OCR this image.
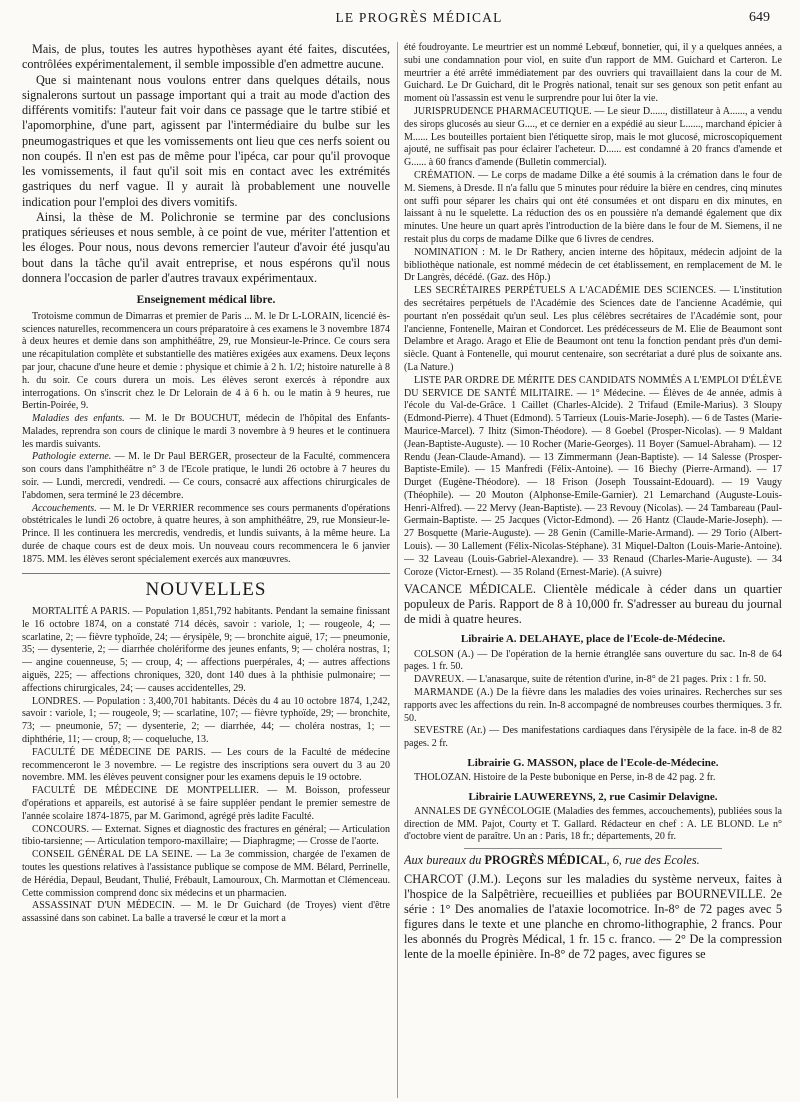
LE PROGRÈS MÉDICAL	649

Mais, de plus, toutes les autres hypothèses ayant été faites, discutées, contrôlées expérimentalement, il semble impossible d'en admettre aucune.

Que si maintenant nous voulons entrer dans quelques détails, nous signalerons surtout un passage important qui a trait au mode d'action des différents vomitifs: l'auteur fait voir dans ce passage que le tartre stibié et l'apomorphine, d'une part, agissent par l'intermédiaire du bulbe sur les pneumogastriques et que les vomissements ont lieu que ces nerfs soient ou non coupés. Il n'en est pas de même pour l'ipéca, car pour qu'il provoque les vomissements, il faut qu'il soit mis en contact avec les extrémités gastriques du nerf vague. Il y aurait là probablement une nouvelle indication pour l'emploi des divers vomitifs.

Ainsi, la thèse de M. Polichronie se termine par des conclusions pratiques sérieuses et nous semble, à ce point de vue, mériter l'attention et les éloges. Pour nous, nous devons remercier l'auteur d'avoir été jusqu'au bout dans la tâche qu'il avait entreprise, et nous espérons qu'il nous donnera l'occasion de parler d'autres travaux expérimentaux.

Enseignement médical libre.

Trotoisme commun de Dimarras et premier de Paris ... M. le Dr L-LORAIN, licencié ès-sciences naturelles, recommencera un cours préparatoire à ces examens le 3 novembre 1874 à deux heures et demie dans son amphithéâtre, 29, rue Monsieur-le-Prince. Ce cours sera une récapitulation complète et substantielle des matières exigées aux examens. Deux leçons par jour, chacune d'une heure et demie : physique et chimie à 2 h. 1/2; histoire naturelle à 8 h. du soir. Ce cours durera un mois. Les élèves seront exercés à répondre aux interrogations. On s'inscrit chez le Dr Lelorain de 4 à 6 h. ou le matin à 9 heures, rue Bertin-Poirée, 9.

Maladies des enfants. — M. le Dr BOUCHUT, médecin de l'hôpital des Enfants-Malades, reprendra son cours de clinique le mardi 3 novembre à 9 heures et le continuera les mardis suivants.

Pathologie externe. — M. le Dr Paul BERGER, prosecteur de la Faculté, commencera son cours dans l'amphithéâtre n° 3 de l'Ecole pratique, le lundi 26 octobre à 7 heures du soir. — Lundi, mercredi, vendredi. — Ce cours, consacré aux affections chirurgicales de l'abdomen, sera terminé le 23 décembre.

Accouchements. — M. le Dr VERRIER recommence ses cours permanents d'opérations obstétricales le lundi 26 octobre, à quatre heures, à son amphithéâtre, 29, rue Monsieur-le-Prince. Il les continuera les mercredis, vendredis, et lundis suivants, à la même heure. La durée de chaque cours est de deux mois. Un nouveau cours recommencera le 6 janvier 1875. MM. les élèves seront spécialement exercés aux manœuvres.

NOUVELLES

MORTALITÉ A PARIS. — Population 1,851,792 habitants. Pendant la semaine finissant le 16 octobre 1874, on a constaté 714 décès, savoir : variole, 1; — rougeole, 4; — scarlatine, 2; — fièvre typhoïde, 24; — érysipèle, 9; — bronchite aiguë, 17; — pneumonie, 35; — dysenterie, 2; — diarrhée cholériforme des jeunes enfants, 9; — choléra nostras, 1; — angine couenneuse, 5; — croup, 4; — affections puerpérales, 4; — autres affections aiguës, 225; — affections chroniques, 320, dont 140 dues à la phthisie pulmonaire; — affections chirurgicales, 24; — causes accidentelles, 29.

LONDRES. — Population : 3,400,701 habitants. Décès du 4 au 10 octobre 1874, 1,242, savoir : variole, 1; — rougeole, 9; — scarlatine, 107; — fièvre typhoïde, 29; — bronchite, 73; — pneumonie, 57; — dysenterie, 2; — diarrhée, 44; — choléra nostras, 1; — diphthérie, 11; — croup, 8; — coqueluche, 13.

FACULTÉ DE MÉDECINE DE PARIS. — Les cours de la Faculté de médecine recommenceront le 3 novembre. — Le registre des inscriptions sera ouvert du 3 au 20 novembre. MM. les élèves peuvent consigner pour les examens depuis le 19 octobre.

FACULTÉ DE MÉDECINE DE MONTPELLIER. — M. Boisson, professeur d'opérations et appareils, est autorisé à se faire suppléer pendant le premier semestre de l'année scolaire 1874-1875, par M. Garimond, agrégé près ladite Faculté.

CONCOURS. — Externat. Signes et diagnostic des fractures en général; — Articulation tibio-tarsienne; — Articulation temporo-maxillaire; — Diaphragme; — Crosse de l'aorte.

CONSEIL GÉNÉRAL DE LA SEINE. — La 3e commission, chargée de l'examen de toutes les questions relatives à l'assistance publique se compose de MM. Bélard, Perrinelle, de Hérédia, Depaul, Beudant, Thulié, Frébault, Lamouroux, Ch. Marmottan et Clémenceau. Cette commission comprend donc six médecins et un pharmacien.

ASSASSINAT D'UN MÉDECIN. — M. le Dr Guichard (de Troyes) vient d'être assassiné dans son cabinet. La balle a traversé le cœur et la mort a

été foudroyante. Le meurtrier est un nommé Lebœuf, bonnetier, qui, il y a quelques années, a subi une condamnation pour viol, en suite d'un rapport de MM. Guichard et Carteron. Le meurtrier a été arrêté immédiatement par des ouvriers qui travaillaient dans la cour de M. Guichard. Le Dr Guichard, dit le Progrès national, tenait sur ses genoux son petit enfant au moment où l'assassin est venu le surprendre pour lui ôter la vie.

JURISPRUDENCE PHARMACEUTIQUE. — Le sieur D......, distillateur à A......, a vendu des sirops glucosés au sieur G...., et ce dernier en a expédié au sieur L......, marchand épicier à M...... Les bouteilles portaient bien l'étiquette sirop, mais le mot glucosé, microscopiquement ajouté, ne suffisait pas pour éclairer l'acheteur. D...... est condamné à 20 francs d'amende et G...... à 60 francs d'amende (Bulletin commercial).

CRÉMATION. — Le corps de madame Dilke a été soumis à la crémation dans le four de M. Siemens, à Dresde. Il n'a fallu que 5 minutes pour réduire la bière en cendres, cinq minutes ont suffi pour séparer les chairs qui ont été consumées et ont disparu en dix minutes, en laissant à nu le squelette. La réduction des os en poussière n'a demandé également que dix minutes. Une heure un quart après l'introduction de la bière dans le four de M. Siemens, il ne restait plus du corps de madame Dilke que 6 livres de cendres.

NOMINATION : M. le Dr Rathery, ancien interne des hôpitaux, médecin adjoint de la bibliothèque nationale, est nommé médecin de cet établissement, en remplacement de M. le Dr Langrès, décédé. (Gaz. des Hôp.)

LES SECRÉTAIRES PERPÉTUELS A L'ACADÉMIE DES SCIENCES. — L'institution des secrétaires perpétuels de l'Académie des Sciences date de l'ancienne Académie, qui pourtant n'en possédait qu'un seul. Les plus célèbres secrétaires de l'Académie sont, pour l'ancienne, Fontenelle, Mairan et Condorcet. Les prédécesseurs de M. Elie de Beaumont sont Delambre et Arago. Arago et Elie de Beaumont ont tenu la fonction pendant près d'un demi-siècle. Quant à Fontenelle, qui mourut centenaire, son secrétariat a duré plus de soixante ans. (La Nature.)

LISTE PAR ORDRE DE MÉRITE DES CANDIDATS NOMMÉS A L'EMPLOI D'ÉLÈVE DU SERVICE DE SANTÉ MILITAIRE. — 1° Médecine. — Élèves de 4e année, admis à l'école du Val-de-Grâce. 1 Caillet (Charles-Alcide). 2 Trifaud (Emile-Marius). 3 Sloupy (Edmond-Pierre). 4 Thuet (Edmond). 5 Tarrieux (Louis-Marie-Joseph). — 6 de Tastes (Marie-Maurice-Marcel). 7 Ihitz (Simon-Théodore). — 8 Goebel (Prosper-Nicolas). — 9 Maldant (Jean-Baptiste-Auguste). — 10 Rocher (Marie-Georges). 11 Boyer (Samuel-Abraham). — 12 Rendu (Jean-Claude-Amand). — 13 Zimmermann (Jean-Baptiste). — 14 Salesse (Prosper-Baptiste-Emile). — 15 Manfredi (Félix-Antoine). — 16 Biechy (Pierre-Armand). — 17 Durget (Eugène-Théodore). — 18 Frison (Joseph Toussaint-Edouard). — 19 Vaugy (Théophile). — 20 Mouton (Alphonse-Emile-Garnier). 21 Lemarchand (Auguste-Louis-Henri-Alfred). — 22 Mervy (Jean-Baptiste). — 23 Revouy (Nicolas). — 24 Tambareau (Paul-Germain-Baptiste. — 25 Jacques (Victor-Edmond). — 26 Hantz (Claude-Marie-Joseph). — 27 Bosquette (Marie-Auguste). — 28 Genin (Camille-Marie-Armand). — 29 Torio (Albert-Louis). — 30 Lallement (Félix-Nicolas-Stéphane). 31 Miquel-Dalton (Louis-Marie-Antoine). — 32 Laveau (Louis-Gabriel-Alexandre). — 33 Renaud (Charles-Marie-Auguste). — 34 Coroze (Victor-Ernest). — 35 Roland (Ernest-Marie). (A suivre)

VACANCE MÉDICALE. Clientèle médicale à céder dans un quartier populeux de Paris. Rapport de 8 à 10,000 fr. S'adresser au bureau du journal de midi à quatre heures.

Librairie A. DELAHAYE, place de l'Ecole-de-Médecine.

COLSON (A.) — De l'opération de la hernie étranglée sans ouverture du sac. In-8 de 64 pages. 1 fr. 50.

DAVREUX. — L'anasarque, suite de rétention d'urine, in-8° de 21 pages. Prix : 1 fr. 50.

MARMANDE (A.) De la fièvre dans les maladies des voies urinaires. Recherches sur ses rapports avec les affections du rein. In-8 accompagné de nombreuses courbes thermiques. 3 fr. 50.

SEVESTRE (Ar.) — Des manifestations cardiaques dans l'érysipèle de la face. in-8 de 82 pages. 2 fr.

Librairie G. MASSON, place de l'Ecole-de-Médecine.

THOLOZAN. Histoire de la Peste bubonique en Perse, in-8 de 42 pag. 2 fr.

Librairie LAUWEREYNS, 2, rue Casimir Delavigne.

ANNALES DE GYNÉCOLOGIE (Maladies des femmes, accouchements), publiées sous la direction de MM. Pajot, Courty et T. Gallard. Rédacteur en chef : A. LE BLOND. Le n° d'octobre vient de paraître. Un an : Paris, 18 fr.; départements, 20 fr.

Aux bureaux du PROGRÈS MÉDICAL, 6, rue des Ecoles.

CHARCOT (J.M.). Leçons sur les maladies du système nerveux, faites à l'hospice de la Salpêtrière, recueillies et publiées par BOURNEVILLE. 2e série : 1° Des anomalies de l'ataxie locomotrice. In-8° de 72 pages avec 5 figures dans le texte et une planche en chromo-lithographie, 2 francs. Pour les abonnés du Progrès Médical, 1 fr. 15 c. franco. — 2° De la compression lente de la moelle épinière. In-8° de 72 pages, avec figures se
